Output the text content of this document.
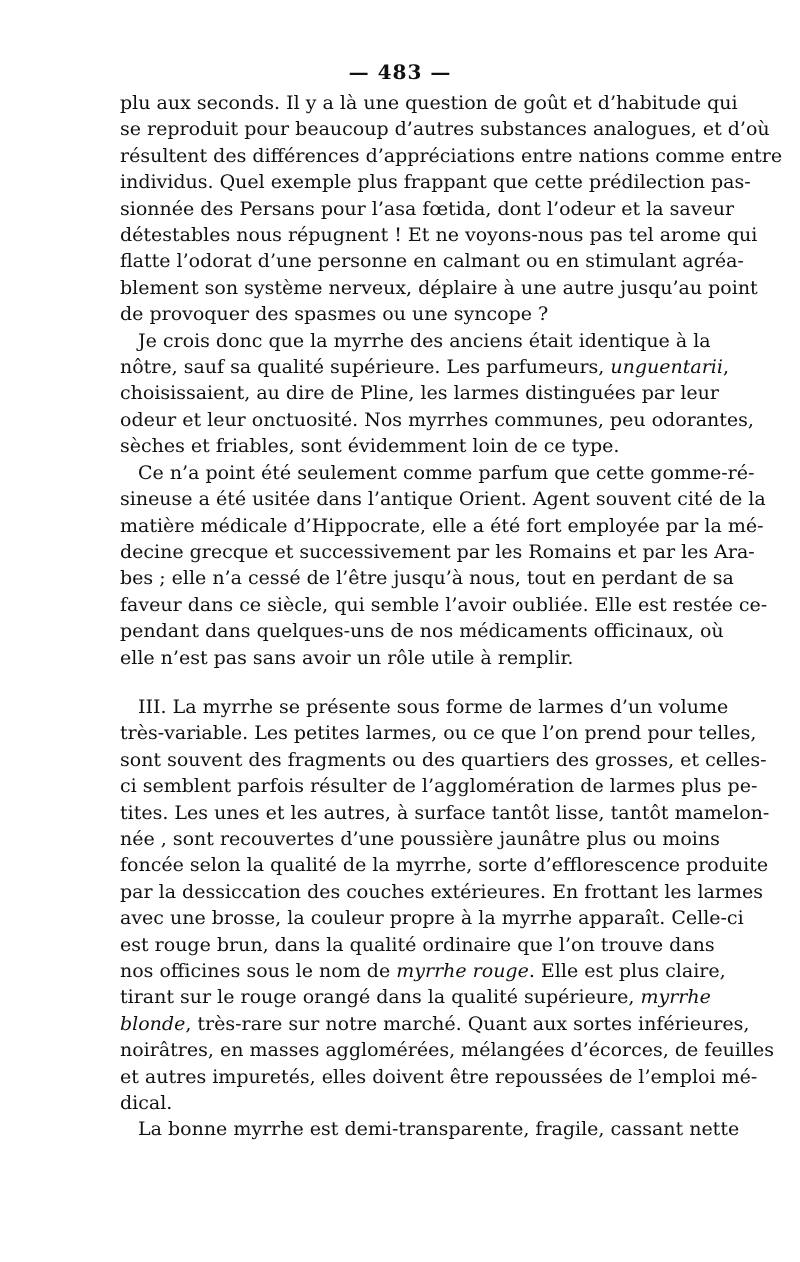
— 483 —
plu aux seconds. Il y a là une question de goût et d’habitude qui
se reproduit pour beaucoup d’autres substances analogues, et d’où
résultent des différences d’appréciations entre nations comme entre
individus. Quel exemple plus frappant que cette prédilection pas-
sionnée des Persans pour l’asa fœtida, dont l’odeur et la saveur
détestables nous répugnent ! Et ne voyons-nous pas tel arome qui
flatte l’odorat d’une personne en calmant ou en stimulant agréa-
blement son système nerveux, déplaire à une autre jusqu’au point
de provoquer des spasmes ou une syncope ?
Je crois donc que la myrrhe des anciens était identique à la
nôtre, sauf sa qualité supérieure. Les parfumeurs, unguentarii,
choisissaient, au dire de Pline, les larmes distinguées par leur
odeur et leur onctuosité. Nos myrrhes communes, peu odorantes,
sèches et friables, sont évidemment loin de ce type.
Ce n’a point été seulement comme parfum que cette gomme-ré-
sineuse a été usitée dans l’antique Orient. Agent souvent cité de la
matière médicale d’Hippocrate, elle a été fort employée par la mé-
decine grecque et successivement par les Romains et par les Ara-
bes ; elle n’a cessé de l’être jusqu’à nous, tout en perdant de sa
faveur dans ce siècle, qui semble l’avoir oubliée. Elle est restée ce-
pendant dans quelques-uns de nos médicaments officinaux, où
elle n’est pas sans avoir un rôle utile à remplir.
III. La myrrhe se présente sous forme de larmes d’un volume
très-variable. Les petites larmes, ou ce que l’on prend pour telles,
sont souvent des fragments ou des quartiers des grosses, et celles-
ci semblent parfois résulter de l’agglomération de larmes plus pe-
tites. Les unes et les autres, à surface tantôt lisse, tantôt mamelon-
née , sont recouvertes d’une poussière jaunâtre plus ou moins
foncée selon la qualité de la myrrhe, sorte d’efflorescence produite
par la dessiccation des couches extérieures. En frottant les larmes
avec une brosse, la couleur propre à la myrrhe apparaît. Celle-ci
est rouge brun, dans la qualité ordinaire que l’on trouve dans
nos officines sous le nom de myrrhe rouge. Elle est plus claire,
tirant sur le rouge orangé dans la qualité supérieure, myrrhe
blonde, très-rare sur notre marché. Quant aux sortes inférieures,
noirâtres, en masses agglomérées, mélangées d’écorces, de feuilles
et autres impuretés, elles doivent être repoussées de l’emploi mé-
dical.
La bonne myrrhe est demi-transparente, fragile, cassant nette
